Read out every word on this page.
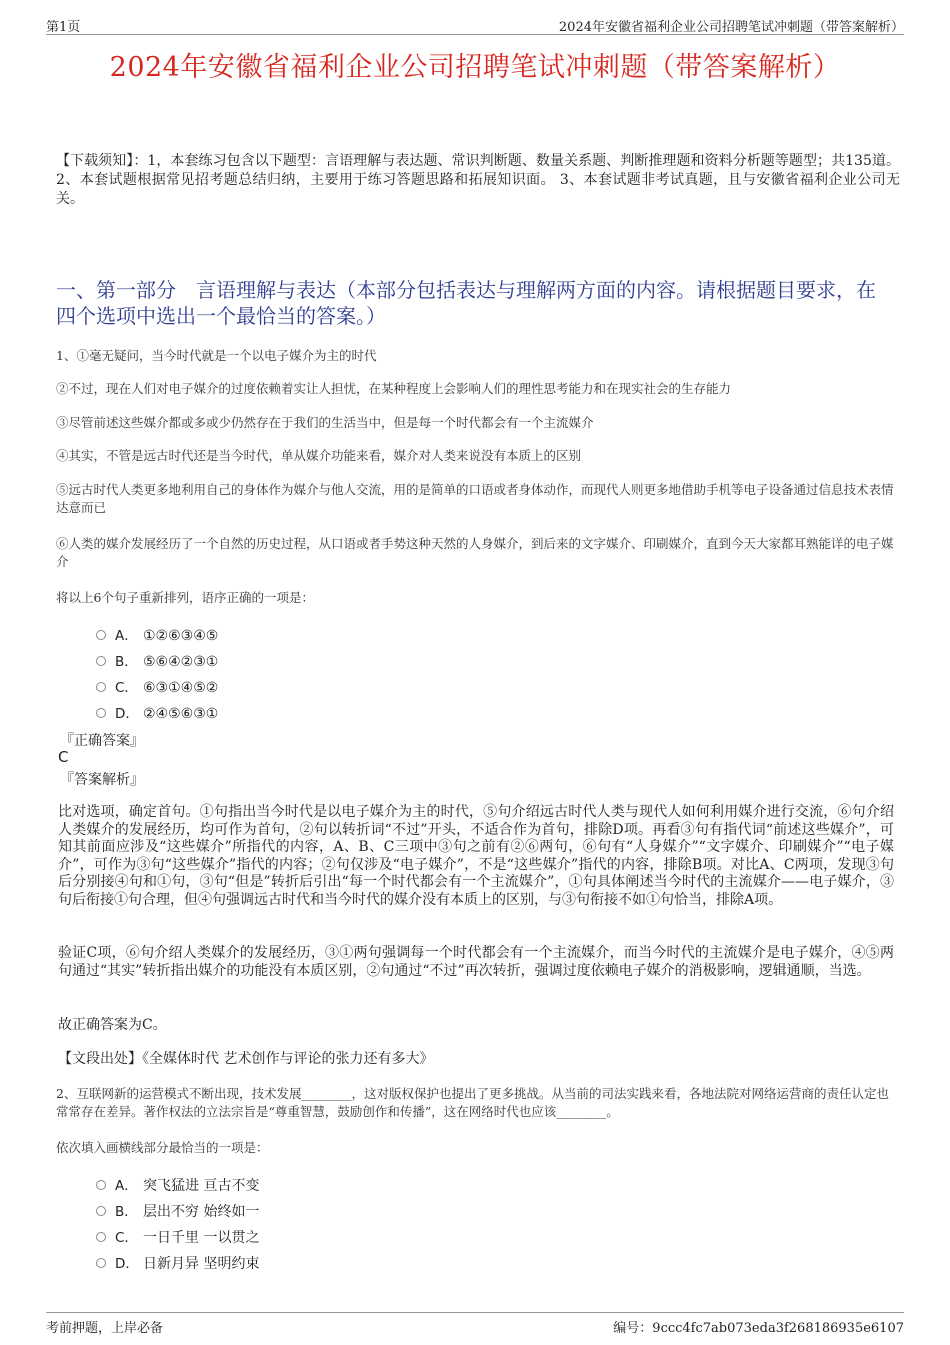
第1页	2024年安徽省福利企业公司招聘笔试冲刺题（带答案解析）
2024年安徽省福利企业公司招聘笔试冲刺题（带答案解析）
【下载须知】：1，本套练习包含以下题型：言语理解与表达题、常识判断题、数量关系题、判断推理题和资料分析题等题型；共135道。 2、本套试题根据常见招考题总结归纳，主要用于练习答题思路和拓展知识面。 3、本套试题非考试真题，且与安徽省福利企业公司无关。
一、第一部分　言语理解与表达（本部分包括表达与理解两方面的内容。请根据题目要求，在四个选项中选出一个最恰当的答案。）
1、①毫无疑问，当今时代就是一个以电子媒介为主的时代
②不过，现在人们对电子媒介的过度依赖着实让人担忧，在某种程度上会影响人们的理性思考能力和在现实社会的生存能力
③尽管前述这些媒介都或多或少仍然存在于我们的生活当中，但是每一个时代都会有一个主流媒介
④其实，不管是远古时代还是当今时代，单从媒介功能来看，媒介对人类来说没有本质上的区别
⑤远古时代人类更多地利用自己的身体作为媒介与他人交流，用的是简单的口语或者身体动作，而现代人则更多地借助手机等电子设备通过信息技术表情达意而已
⑥人类的媒介发展经历了一个自然的历史过程，从口语或者手势这种天然的人身媒介，到后来的文字媒介、印刷媒介，直到今天大家都耳熟能详的电子媒介
将以上6个句子重新排列，语序正确的一项是：
A． ①②⑥③④⑤
B． ⑤⑥④②③①
C． ⑥③①④⑤②
D． ②④⑤⑥③①
『正确答案』
C
『答案解析』
比对选项，确定首句。①句指出当今时代是以电子媒介为主的时代，⑤句介绍远古时代人类与现代人如何利用媒介进行交流，⑥句介绍人类媒介的发展经历，均可作为首句，②句以转折词“不过”开头，不适合作为首句，排除D项。再看③句有指代词“前述这些媒介”，可知其前面应涉及“这些媒介”所指代的内容，A、B、C三项中③句之前有②⑥两句，⑥句有“人身媒介”“文字媒介、印刷媒介”“电子媒介”，可作为③句“这些媒介”指代的内容；②句仅涉及“电子媒介”，不是“这些媒介”指代的内容，排除B项。对比A、C两项，发现③句后分别接④句和①句，③句“但是”转折后引出“每一个时代都会有一个主流媒介”，①句具体阐述当今时代的主流媒介——电子媒介，③句后衔接①句合理，但④句强调远古时代和当今时代的媒介没有本质上的区别，与③句衔接不如①句恰当，排除A项。
验证C项，⑥句介绍人类媒介的发展经历，③①两句强调每一个时代都会有一个主流媒介，而当今时代的主流媒介是电子媒介，④⑤两句通过“其实”转折指出媒介的功能没有本质区别，②句通过“不过”再次转折，强调过度依赖电子媒介的消极影响，逻辑通顺，当选。
故正确答案为C。
【文段出处】《全媒体时代 艺术创作与评论的张力还有多大》
2、互联网新的运营模式不断出现，技术发展________，这对版权保护也提出了更多挑战。从当前的司法实践来看，各地法院对网络运营商的责任认定也常常存在差异。著作权法的立法宗旨是“尊重智慧，鼓励创作和传播”，这在网络时代也应该________。
依次填入画横线部分最恰当的一项是：
A． 突飞猛进 亘古不变
B． 层出不穷 始终如一
C． 一日千里 一以贯之
D． 日新月异 坚明约束
考前押题，上岸必备	编号：9ccc4fc7ab073eda3f268186935e6107
